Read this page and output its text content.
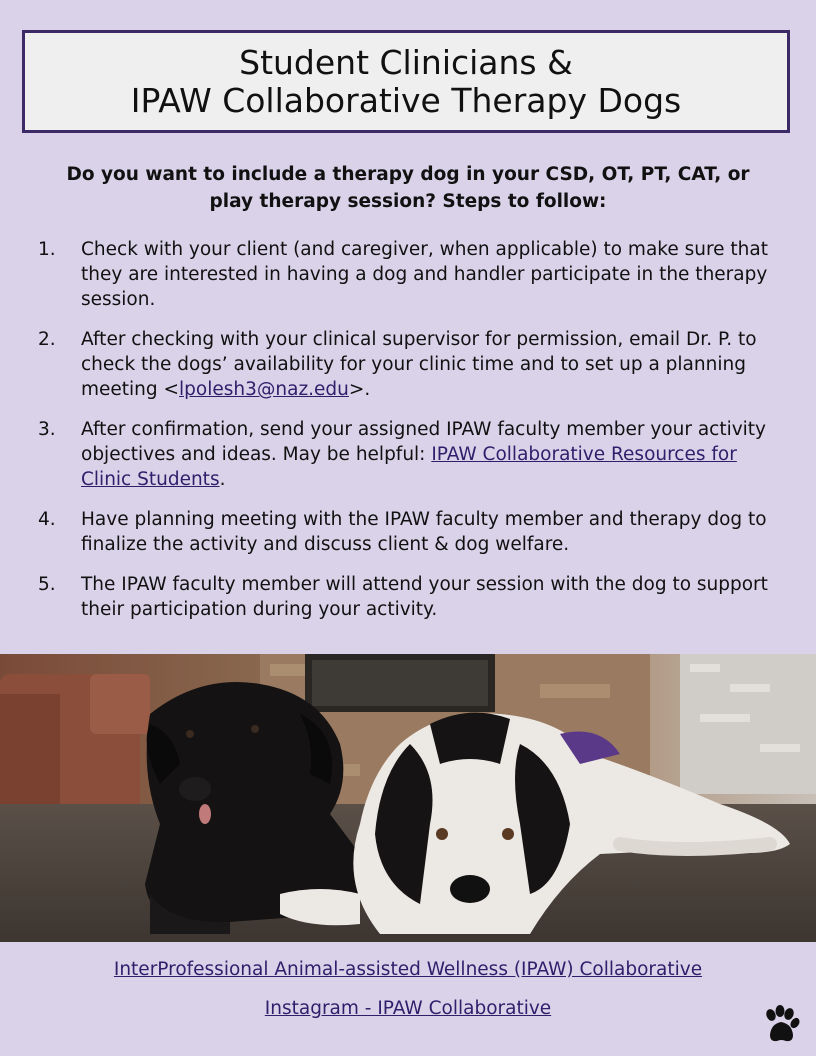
Student Clinicians &
IPAW Collaborative Therapy Dogs
Do you want to include a therapy dog in your CSD, OT, PT, CAT, or
play therapy session? Steps to follow:
1. Check with your client (and caregiver, when applicable) to make sure that they are interested in having a dog and handler participate in the therapy session.
2. After checking with your clinical supervisor for permission, email Dr. P. to check the dogs’ availability for your clinic time and to set up a planning meeting <lpolesh3@naz.edu>.
3. After confirmation, send your assigned IPAW faculty member your activity objectives and ideas. May be helpful: IPAW Collaborative Resources for Clinic Students.
4. Have planning meeting with the IPAW faculty member and therapy dog to finalize the activity and discuss client & dog welfare.
5. The IPAW faculty member will attend your session with the dog to support their participation during your activity.
InterProfessional Animal-assisted Wellness (IPAW) Collaborative
Instagram - IPAW Collaborative
